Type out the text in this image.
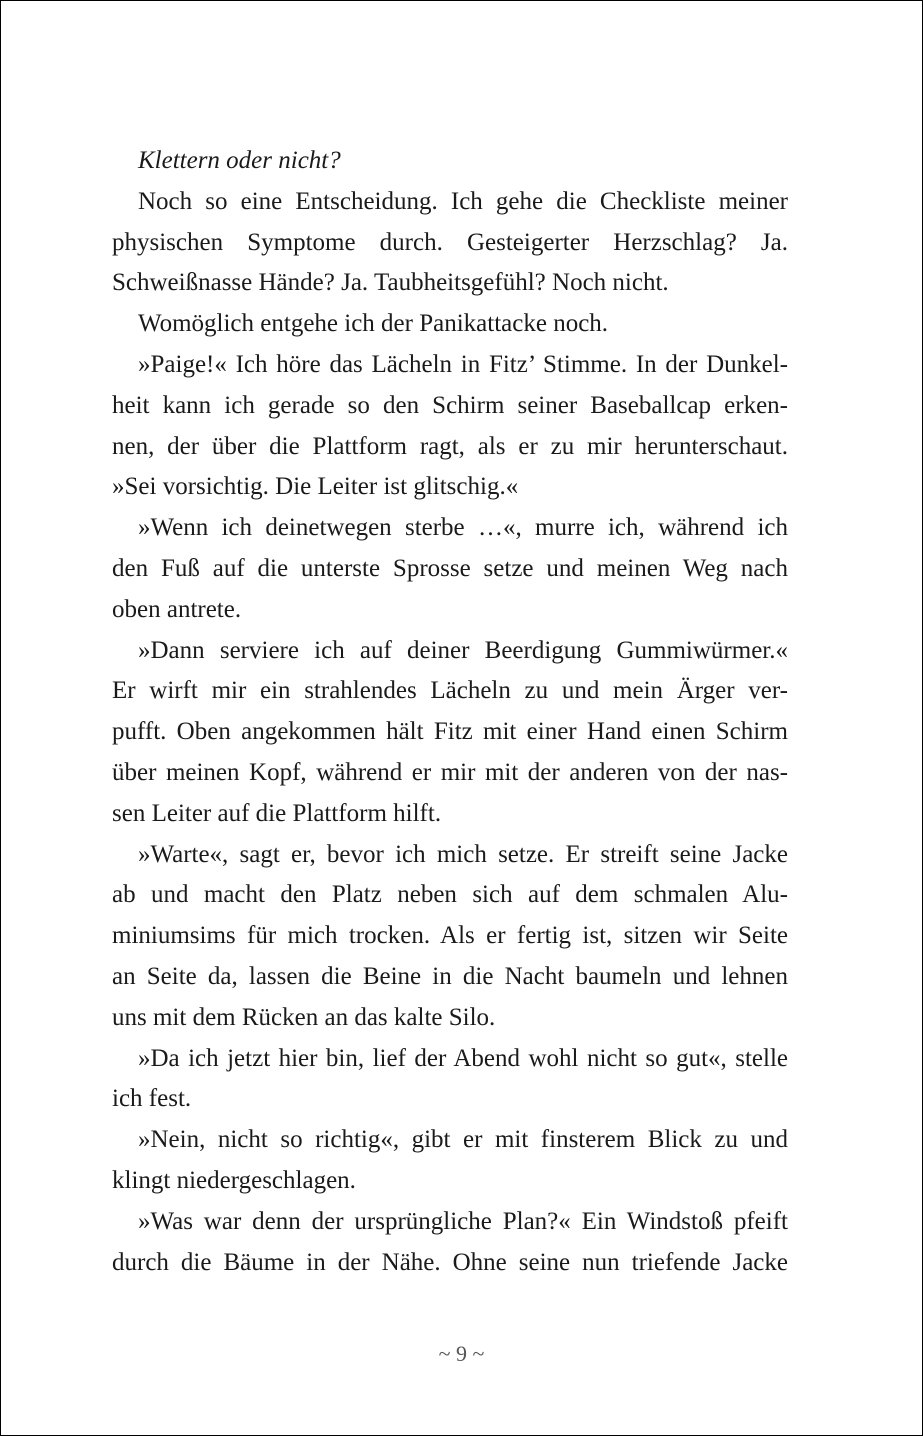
Klettern oder nicht?
Noch so eine Entscheidung. Ich gehe die Checkliste meiner
physischen Symptome durch. Gesteigerter Herzschlag? Ja.
Schweißnasse Hände? Ja. Taubheitsgefühl? Noch nicht.
Womöglich entgehe ich der Panikattacke noch.
»Paige!« Ich höre das Lächeln in Fitz’ Stimme. In der Dunkel-
heit kann ich gerade so den Schirm seiner Baseballcap erken-
nen, der über die Plattform ragt, als er zu mir herunterschaut.
»Sei vorsichtig. Die Leiter ist glitschig.«
»Wenn ich deinetwegen sterbe …«, murre ich, während ich
den Fuß auf die unterste Sprosse setze und meinen Weg nach
oben antrete.
»Dann serviere ich auf deiner Beerdigung Gummiwürmer.«
Er wirft mir ein strahlendes Lächeln zu und mein Ärger ver-
pufft. Oben angekommen hält Fitz mit einer Hand einen Schirm
über meinen Kopf, während er mir mit der anderen von der nas-
sen Leiter auf die Plattform hilft.
»Warte«, sagt er, bevor ich mich setze. Er streift seine Jacke
ab und macht den Platz neben sich auf dem schmalen Alu-
miniumsims für mich trocken. Als er fertig ist, sitzen wir Seite
an Seite da, lassen die Beine in die Nacht baumeln und lehnen
uns mit dem Rücken an das kalte Silo.
»Da ich jetzt hier bin, lief der Abend wohl nicht so gut«, stelle
ich fest.
»Nein, nicht so richtig«, gibt er mit finsterem Blick zu und
klingt niedergeschlagen.
»Was war denn der ursprüngliche Plan?« Ein Windstoß pfeift
durch die Bäume in der Nähe. Ohne seine nun triefende Jacke
~ 9 ~
